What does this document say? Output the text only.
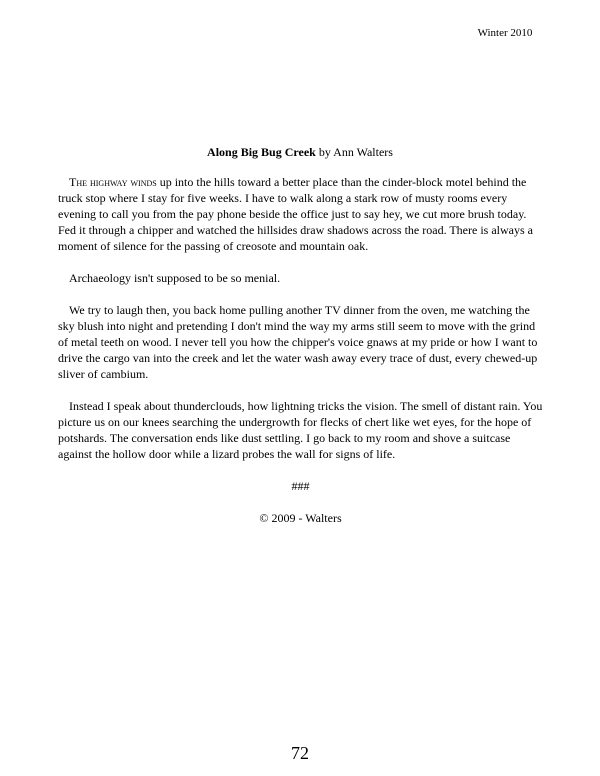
Winter 2010
Along Big Bug Creek by Ann Walters

The highway winds up into the hills toward a better place than the cinder-block motel behind the truck stop where I stay for five weeks. I have to walk along a stark row of musty rooms every evening to call you from the pay phone beside the office just to say hey, we cut more brush today. Fed it through a chipper and watched the hillsides draw shadows across the road. There is always a moment of silence for the passing of creosote and mountain oak.

Archaeology isn't supposed to be so menial.

We try to laugh then, you back home pulling another TV dinner from the oven, me watching the sky blush into night and pretending I don't mind the way my arms still seem to move with the grind of metal teeth on wood. I never tell you how the chipper's voice gnaws at my pride or how I want to drive the cargo van into the creek and let the water wash away every trace of dust, every chewed-up sliver of cambium.

Instead I speak about thunderclouds, how lightning tricks the vision. The smell of distant rain. You picture us on our knees searching the undergrowth for flecks of chert like wet eyes, for the hope of potshards. The conversation ends like dust settling. I go back to my room and shove a suitcase against the hollow door while a lizard probes the wall for signs of life.

###

© 2009 - Walters

72
